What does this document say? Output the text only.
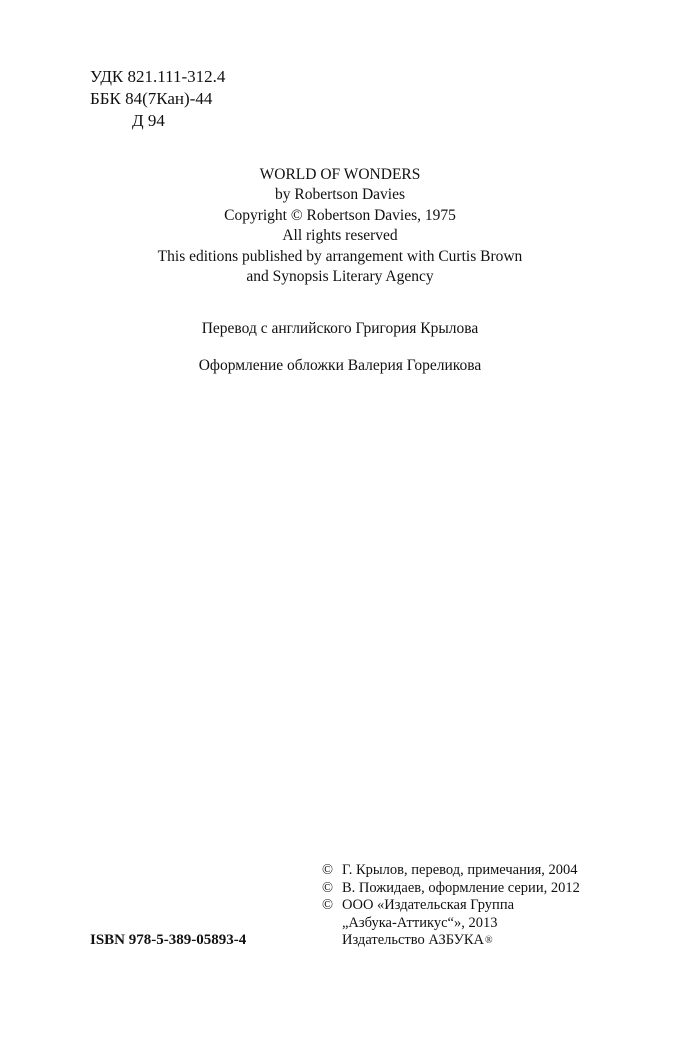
УДК 821.111-312.4
ББК 84(7Кан)-44
Д 94
WORLD OF WONDERS
by Robertson Davies
Copyright © Robertson Davies, 1975
All rights reserved
This editions published by arrangement with Curtis Brown
and Synopsis Literary Agency
Перевод с английского Григория Крылова
Оформление обложки Валерия Гореликова
ISBN 978-5-389-05893-4
© Г. Крылов, перевод, примечания, 2004
© В. Пожидаев, оформление серии, 2012
© ООО «Издательская Группа
„Азбука-Аттикус“», 2013
Издательство АЗБУКА ®
